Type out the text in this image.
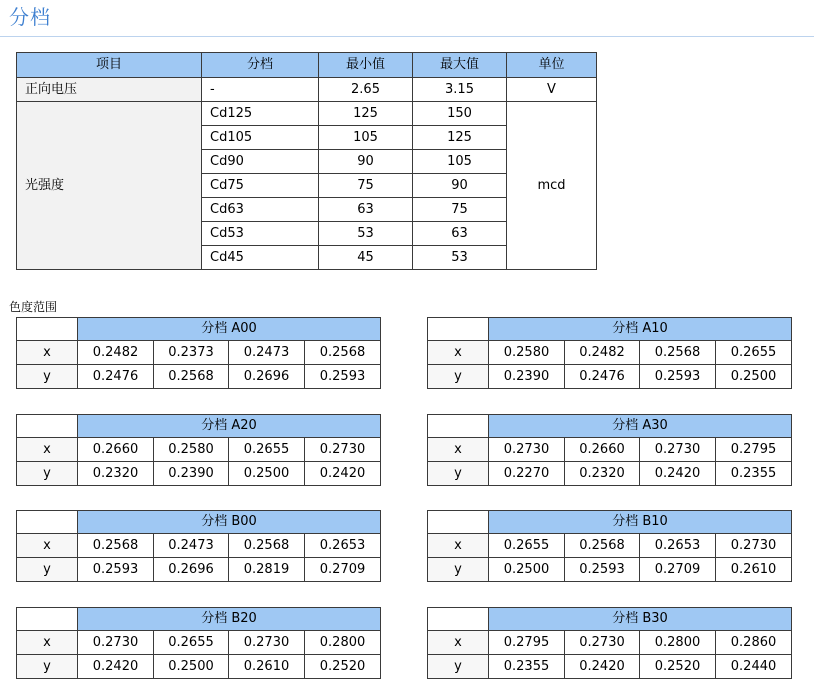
分档
项目	分档	最小值	最大值	单位
正向电压	-	2.65	3.15	V
光强度	Cd125	125	150	mcd
	Cd105	105	125	
	Cd90	90	105	
	Cd75	75	90	
	Cd63	63	75	
	Cd53	53	63	
	Cd45	45	53	
色度范围
	分档 A00			
x	0.2482	0.2373	0.2473	0.2568
y	0.2476	0.2568	0.2696	0.2593
	分档 A10			
x	0.2580	0.2482	0.2568	0.2655
y	0.2390	0.2476	0.2593	0.2500
	分档 A20			
x	0.2660	0.2580	0.2655	0.2730
y	0.2320	0.2390	0.2500	0.2420
	分档 A30			
x	0.2730	0.2660	0.2730	0.2795
y	0.2270	0.2320	0.2420	0.2355
	分档 B00			
x	0.2568	0.2473	0.2568	0.2653
y	0.2593	0.2696	0.2819	0.2709
	分档 B10			
x	0.2655	0.2568	0.2653	0.2730
y	0.2500	0.2593	0.2709	0.2610
	分档 B20			
x	0.2730	0.2655	0.2730	0.2800
y	0.2420	0.2500	0.2610	0.2520
	分档 B30			
x	0.2795	0.2730	0.2800	0.2860
y	0.2355	0.2420	0.2520	0.2440
